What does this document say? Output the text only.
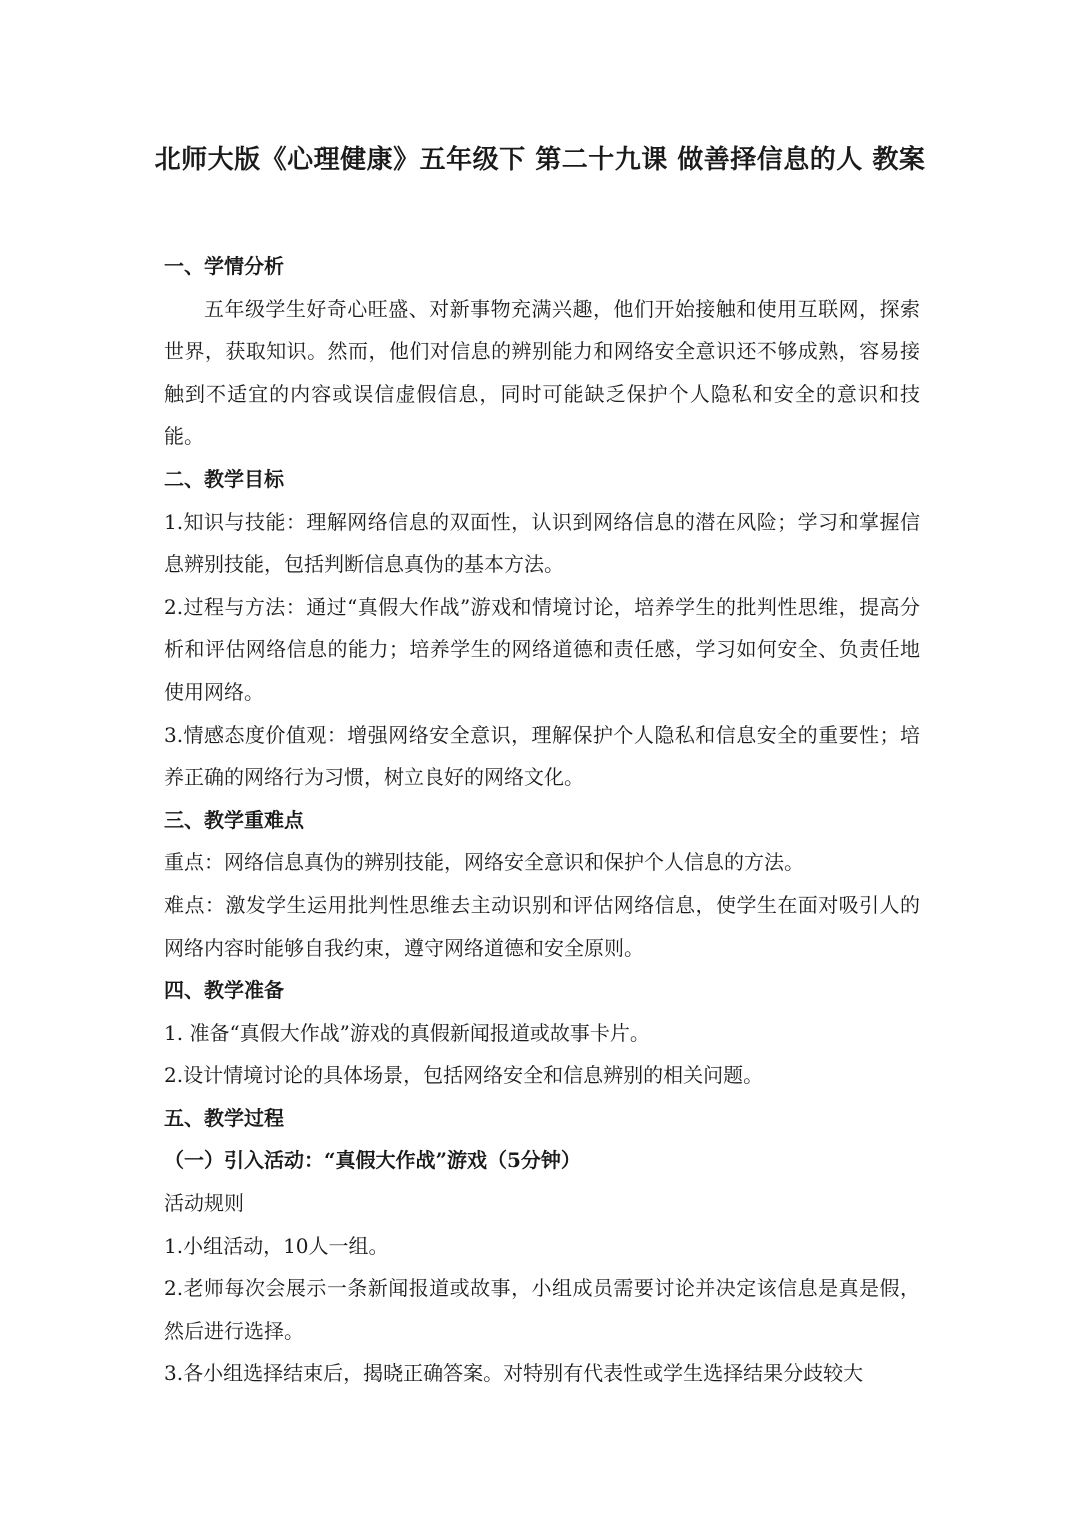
北师大版《心理健康》五年级下 第二十九课 做善择信息的人 教案

一、学情分析

五年级学生好奇心旺盛、对新事物充满兴趣，他们开始接触和使用互联网，探索世界，获取知识。然而，他们对信息的辨别能力和网络安全意识还不够成熟，容易接触到不适宜的内容或误信虚假信息，同时可能缺乏保护个人隐私和安全的意识和技能。

二、教学目标

1.知识与技能：理解网络信息的双面性，认识到网络信息的潜在风险；学习和掌握信息辨别技能，包括判断信息真伪的基本方法。

2.过程与方法：通过“真假大作战”游戏和情境讨论，培养学生的批判性思维，提高分析和评估网络信息的能力；培养学生的网络道德和责任感，学习如何安全、负责任地使用网络。

3.情感态度价值观：增强网络安全意识，理解保护个人隐私和信息安全的重要性；培养正确的网络行为习惯，树立良好的网络文化。

三、教学重难点

重点：网络信息真伪的辨别技能，网络安全意识和保护个人信息的方法。

难点：激发学生运用批判性思维去主动识别和评估网络信息，使学生在面对吸引人的网络内容时能够自我约束，遵守网络道德和安全原则。

四、教学准备

1. 准备“真假大作战”游戏的真假新闻报道或故事卡片。

2.设计情境讨论的具体场景，包括网络安全和信息辨别的相关问题。

五、教学过程

（一）引入活动：“真假大作战”游戏（5分钟）

活动规则

1.小组活动，10人一组。

2.老师每次会展示一条新闻报道或故事，小组成员需要讨论并决定该信息是真是假，然后进行选择。

3.各小组选择结束后，揭晓正确答案。对特别有代表性或学生选择结果分歧较大
